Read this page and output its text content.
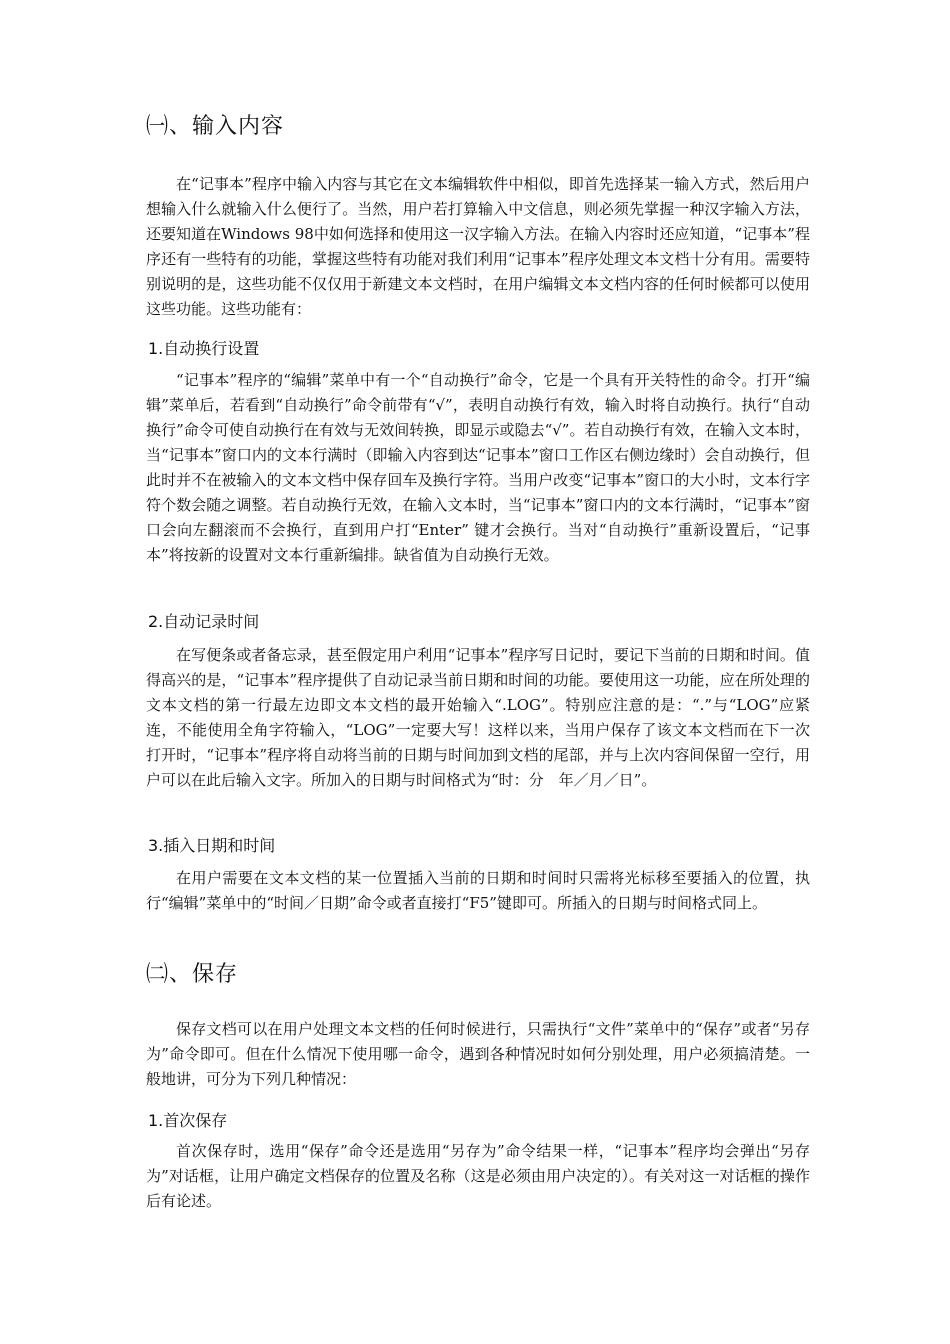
㈠、输入内容

在“记事本”程序中输入内容与其它在文本编辑软件中相似，即首先选择某一输入方式，然后用户想输入什么就输入什么便行了。当然，用户若打算输入中文信息，则必须先掌握一种汉字输入方法，还要知道在Windows 98中如何选择和使用这一汉字输入方法。在输入内容时还应知道，“记事本”程序还有一些特有的功能，掌握这些特有功能对我们利用“记事本”程序处理文本文档十分有用。需要特别说明的是，这些功能不仅仅用于新建文本文档时，在用户编辑文本文档内容的任何时候都可以使用这些功能。这些功能有：

1.自动换行设置

“记事本”程序的“编辑”菜单中有一个“自动换行”命令，它是一个具有开关特性的命令。打开“编辑”菜单后，若看到“自动换行”命令前带有“√”，表明自动换行有效，输入时将自动换行。执行“自动换行”命令可使自动换行在有效与无效间转换，即显示或隐去“√”。若自动换行有效，在输入文本时，当“记事本”窗口内的文本行满时（即输入内容到达“记事本”窗口工作区右侧边缘时）会自动换行，但此时并不在被输入的文本文档中保存回车及换行字符。当用户改变“记事本”窗口的大小时，文本行字符个数会随之调整。若自动换行无效，在输入文本时，当“记事本”窗口内的文本行满时，“记事本”窗口会向左翻滚而不会换行，直到用户打“Enter” 键才会换行。当对“自动换行”重新设置后，“记事本”将按新的设置对文本行重新编排。缺省值为自动换行无效。

2.自动记录时间

在写便条或者备忘录，甚至假定用户利用“记事本”程序写日记时，要记下当前的日期和时间。值得高兴的是，“记事本”程序提供了自动记录当前日期和时间的功能。要使用这一功能，应在所处理的文本文档的第一行最左边即文本文档的最开始输入“.LOG”。特别应注意的是：“.”与“LOG”应紧连，不能使用全角字符输入，“LOG”一定要大写！这样以来，当用户保存了该文本文档而在下一次打开时，“记事本”程序将自动将当前的日期与时间加到文档的尾部，并与上次内容间保留一空行，用户可以在此后输入文字。所加入的日期与时间格式为“时：分　年／月／日”。

3.插入日期和时间

在用户需要在文本文档的某一位置插入当前的日期和时间时只需将光标移至要插入的位置，执行“编辑”菜单中的“时间／日期”命令或者直接打“F5”键即可。所插入的日期与时间格式同上。

㈡、保存

保存文档可以在用户处理文本文档的任何时候进行，只需执行“文件”菜单中的“保存”或者“另存为”命令即可。但在什么情况下使用哪一命令，遇到各种情况时如何分别处理，用户必须搞清楚。一般地讲，可分为下列几种情况：

1.首次保存

首次保存时，选用“保存”命令还是选用“另存为”命令结果一样，“记事本”程序均会弹出“另存为”对话框，让用户确定文档保存的位置及名称（这是必须由用户决定的）。有关对这一对话框的操作后有论述。
